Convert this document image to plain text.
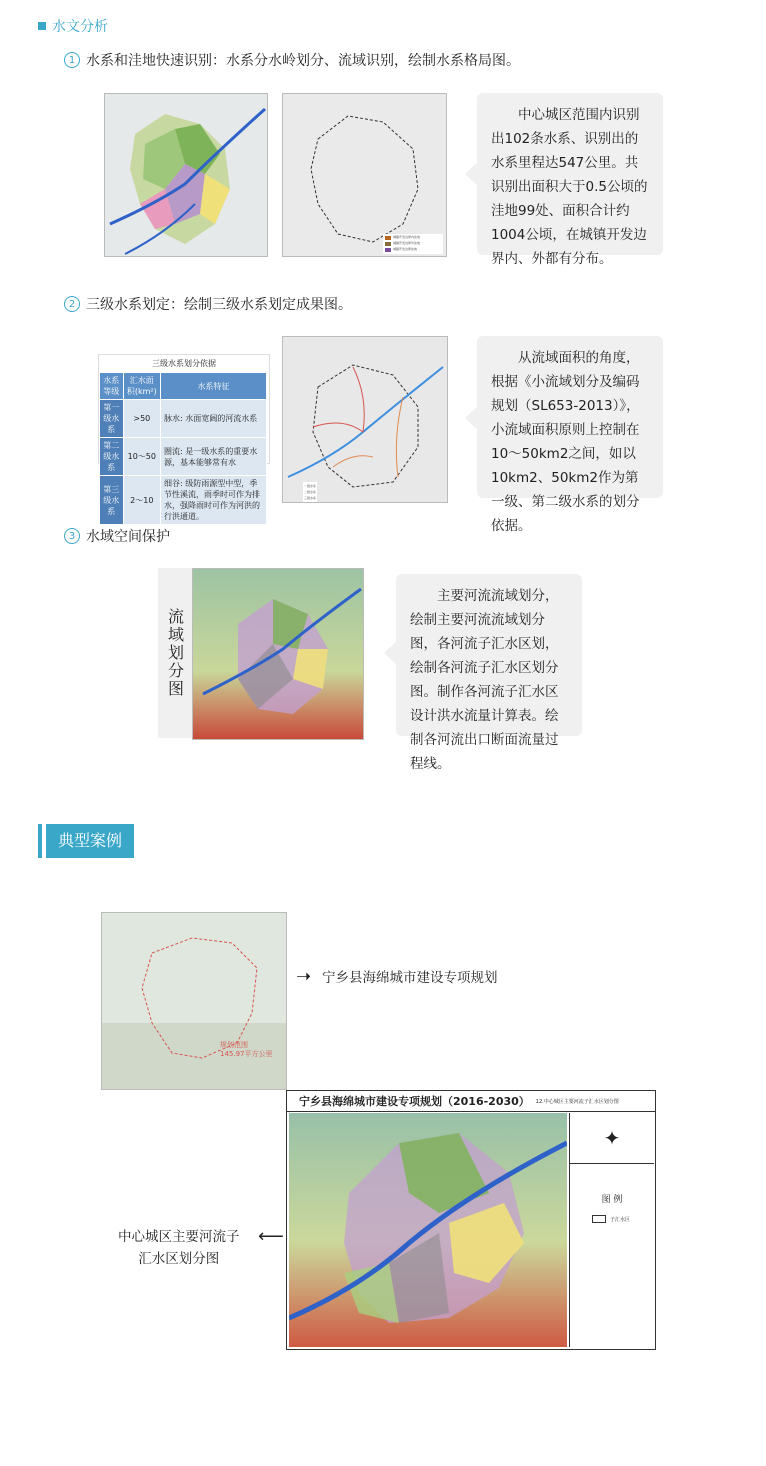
水文分析
1 水系和洼地快速识别：水系分水岭划分、流域识别，绘制水系格局图。
城镇开发边界内洼地
城镇开发边界外洼地
城镇开发边界洼地
中心城区范围内识别出102条水系、识别出的水系里程达547公里。共识别出面积大于0.5公顷的洼地99处、面积合计约1004公顷，在城镇开发边界内、外都有分布。
2 三级水系划定：绘制三级水系划定成果图。
三级水系划分依据
水系等级	汇水面积(km²)	水系特征
第一级水系	>50	脉水: 水面宽阔的河流水系
第二级水系	10～50	圈流: 是一级水系的重要水源，基本能够常有水
第三级水系	2～10	细谷: 级防雨源型中型，季节性溪流，雨季时可作为排水，强降雨时可作为河洪的行洪通道。
一级水系
二级水系
三级水系
从流域面积的角度，根据《小流域划分及编码规划（SL653-2013）》，小流域面积原则上控制在10～50km2之间，如以10km2、50km2作为第一级、第二级水系的划分依据。
3 水域空间保护
流域划分图
主要河流流域划分，绘制主要河流流域划分图，各河流子汇水区划，绘制各河流子汇水区划分图。制作各河流子汇水区设计洪水流量计算表。绘制各河流出口断面流量过程线。
典型案例
规划范围
145.97平方公里
➝ 宁乡县海绵城市建设专项规划
宁乡县海绵城市建设专项规划（2016-2030） 12.中心城区主要河流子汇水区划分图
✦
图 例
子汇水区
中心城区主要河流子
汇水区划分图
⟵
